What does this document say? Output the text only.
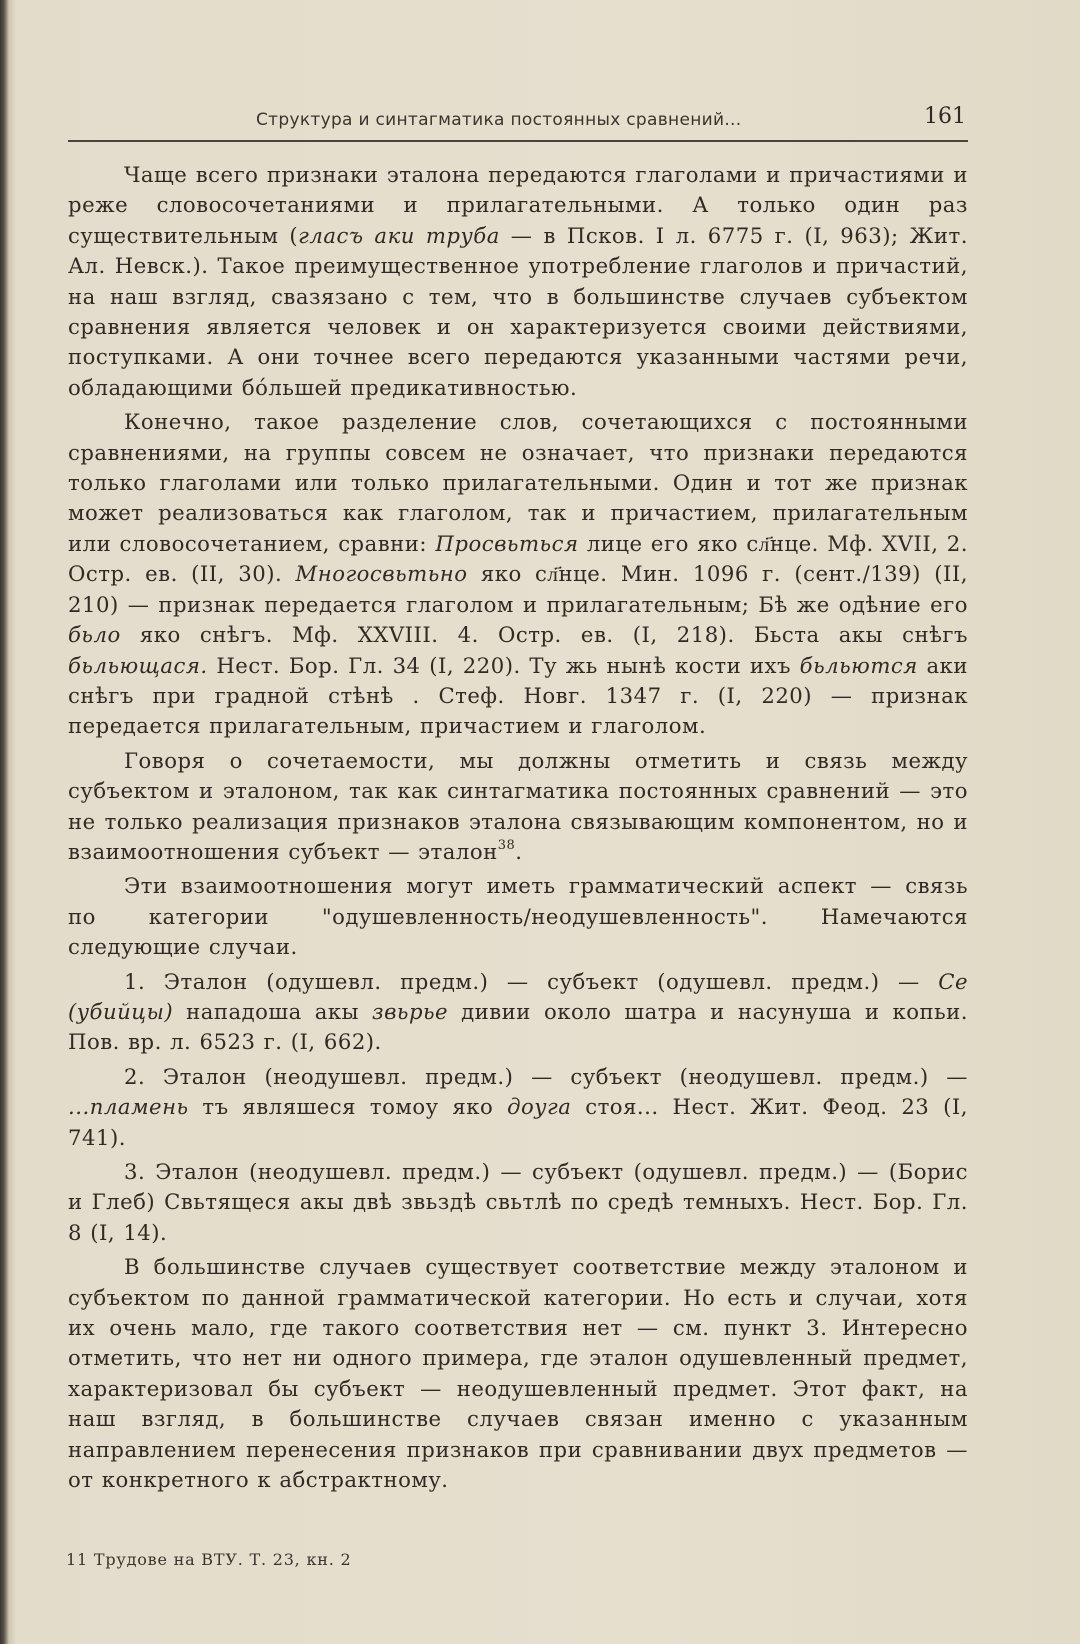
Структура и синтагматика постоянных сравнений...	161

Чаще всего признаки эталона передаются глаголами и причастиями и реже словосочетаниями и прилагательными. А только один раз существительным (гласъ аки труба — в Псков. I л. 6775 г. (I, 963); Жит. Ал. Невск.). Такое преимущественное употребление глаголов и причастий, на наш взгляд, свазязано с тем, что в большинстве случаев субъектом сравнения является человек и он характеризуется своими действиями, поступками. А они точнее всего передаются указанными частями речи, обладающими бóльшей предикативностью.

Конечно, такое разделение слов, сочетающихся с постоянными сравнениями, на группы совсем не означает, что признаки передаются только глаголами или только прилагательными. Один и тот же признак может реализоваться как глаголом, так и причастием, прилагательным или словосочетанием, сравни: Просвьться лице его яко сл҃нце. Мф. XVII, 2. Остр. ев. (II, 30). Многосвьтьно яко сл҃нце. Мин. 1096 г. (сент./139) (II, 210) — признак передается глаголом и прилагательным; Бѣ же одѣние его бьло яко снѣгъ. Мф. XXVIII. 4. Остр. ев. (I, 218). Бьста акы снѣгъ бьльющася. Нест. Бор. Гл. 34 (I, 220). Ту жь нынѣ кости ихъ бьльются аки снѣгъ при градной стѣнѣ . Стеф. Новг. 1347 г. (I, 220) — признак передается прилагательным, причастием и глаголом.

Говоря о сочетаемости, мы должны отметить и связь между субъектом и эталоном, так как синтагматика постоянных сравнений — это не только реализация признаков эталона связывающим компонентом, но и взаимоотношения субъект — эталон$^{38}$.

Эти взаимоотношения могут иметь грамматический аспект — связь по категории "одушевленность/неодушевленность". Намечаются следующие случаи.

1. Эталон (одушевл. предм.) — субъект (одушевл. предм.) — Се (убийцы) нападоша акы звьрье дивии около шатра и насунуша и копьи. Пов. вр. л. 6523 г. (I, 662).

2. Эталон (неодушевл. предм.) — субъект (неодушевл. предм.) — ...пламень тъ являшеся томоу яко доуга стоя... Нест. Жит. Феод. 23 (I, 741).

3. Эталон (неодушевл. предм.) — субъект (одушевл. предм.) — (Борис и Глеб) Свьтящеся акы двѣ звьздѣ свьтлѣ по средѣ темныхъ. Нест. Бор. Гл. 8 (I, 14).

В большинстве случаев существует соответствие между эталоном и субъектом по данной грамматической категории. Но есть и случаи, хотя их очень мало, где такого соответствия нет — см. пункт 3. Интересно отметить, что нет ни одного примера, где эталон одушевленный предмет, характеризовал бы субъект — неодушевленный предмет. Этот факт, на наш взгляд, в большинстве случаев связан именно с указанным направлением перенесения признаков при сравнивании двух предметов — от конкретного к абстрактному.

11 Трудове на ВТУ. Т. 23, кн. 2
